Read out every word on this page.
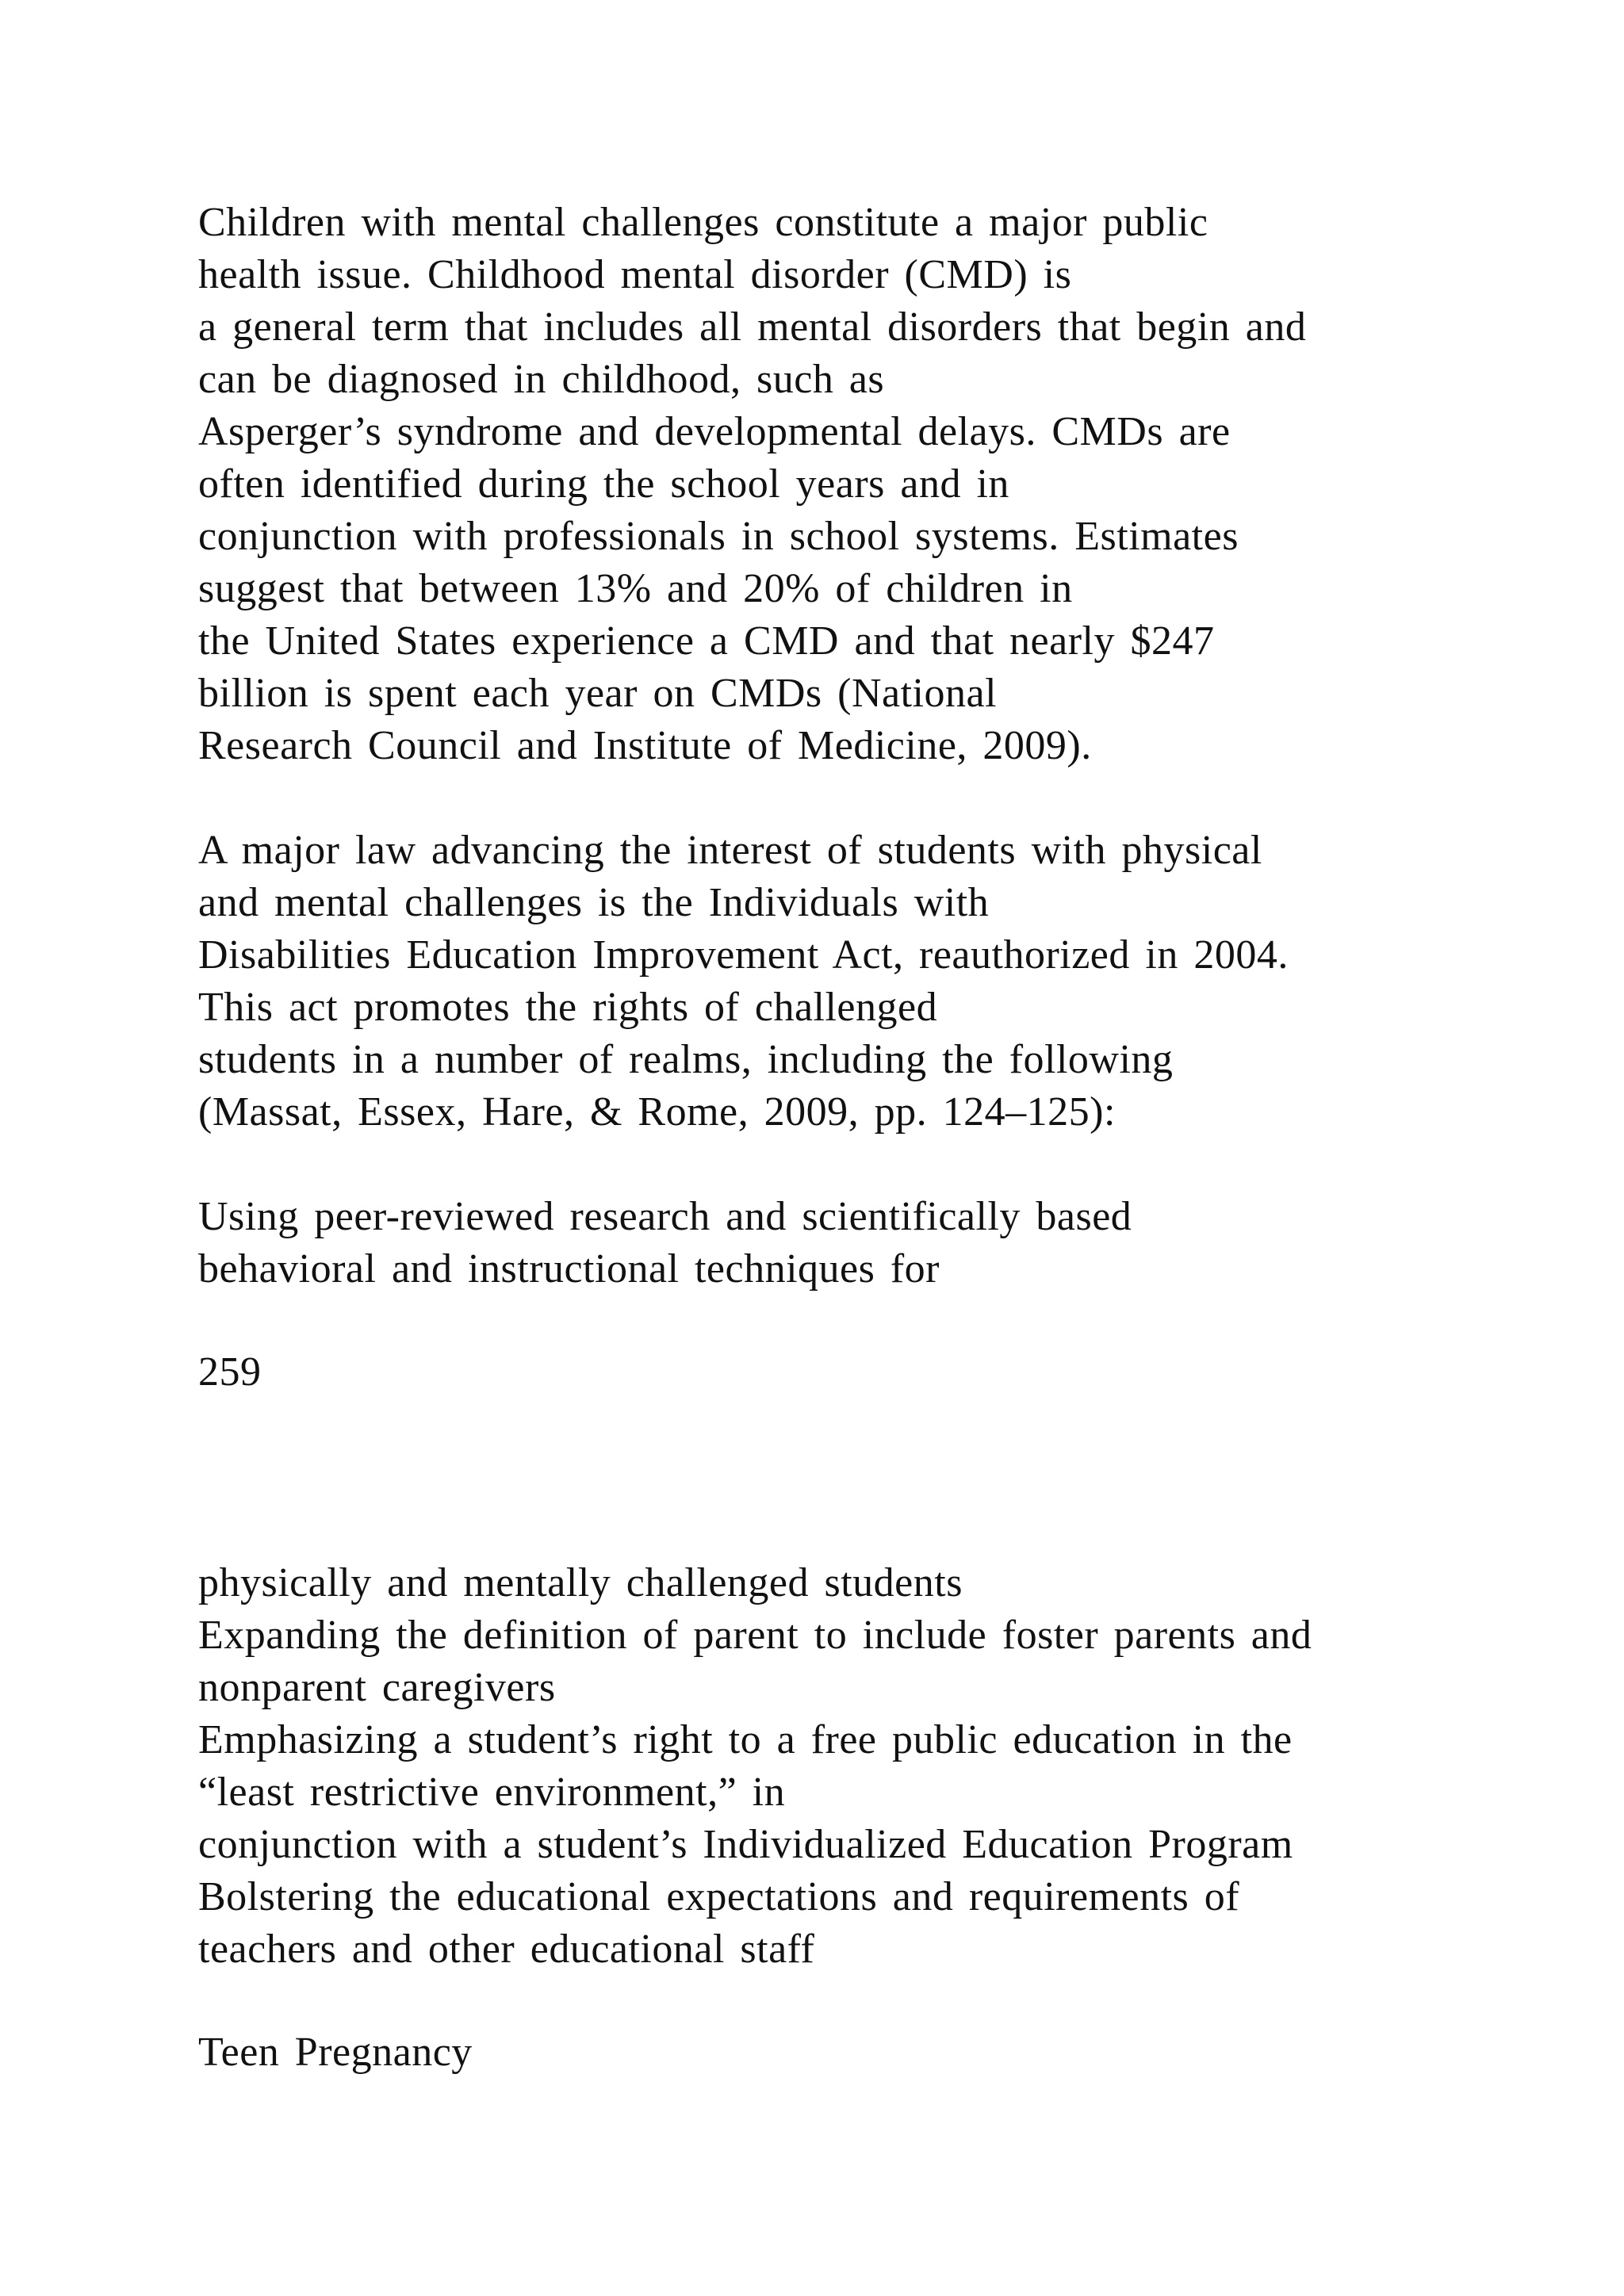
Children with mental challenges constitute a major public
health issue. Childhood mental disorder (CMD) is
a general term that includes all mental disorders that begin and
can be diagnosed in childhood, such as
Asperger’s syndrome and developmental delays. CMDs are
often identified during the school years and in
conjunction with professionals in school systems. Estimates
suggest that between 13% and 20% of children in
the United States experience a CMD and that nearly $247
billion is spent each year on CMDs (National
Research Council and Institute of Medicine, 2009).
A major law advancing the interest of students with physical
and mental challenges is the Individuals with
Disabilities Education Improvement Act, reauthorized in 2004.
This act promotes the rights of challenged
students in a number of realms, including the following
(Massat, Essex, Hare, & Rome, 2009, pp. 124–125):
Using peer-reviewed research and scientifically based
behavioral and instructional techniques for
259
physically and mentally challenged students
Expanding the definition of parent to include foster parents and
nonparent caregivers
Emphasizing a student’s right to a free public education in the
“least restrictive environment,” in
conjunction with a student’s Individualized Education Program
Bolstering the educational expectations and requirements of
teachers and other educational staff
Teen Pregnancy
